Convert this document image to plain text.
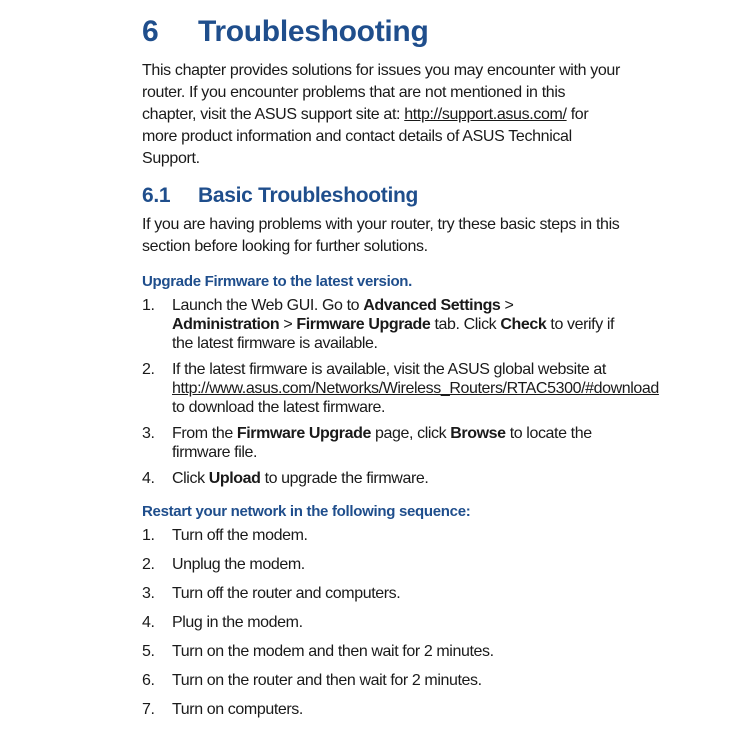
6	Troubleshooting

This chapter provides solutions for issues you may encounter with your router. If you encounter problems that are not mentioned in this chapter, visit the ASUS support site at: http://support.asus.com/ for more product information and contact details of ASUS Technical Support.

6.1	Basic Troubleshooting

If you are having problems with your router, try these basic steps in this section before looking for further solutions.

Upgrade Firmware to the latest version.
1.	Launch the Web GUI. Go to Advanced Settings > Administration > Firmware Upgrade tab. Click Check to verify if the latest firmware is available.
2.	If the latest firmware is available, visit the ASUS global website at http://www.asus.com/Networks/Wireless_Routers/RTAC5300/#download to download the latest firmware.
3.	From the Firmware Upgrade page, click Browse to locate the firmware file.
4.	Click Upload to upgrade the firmware.
Restart your network in the following sequence:
1.	Turn off the modem.
2.	Unplug the modem.
3.	Turn off the router and computers.
4.	Plug in the modem.
5.	Turn on the modem and then wait for 2 minutes.
6.	Turn on the router and then wait for 2 minutes.
7.	Turn on computers.
